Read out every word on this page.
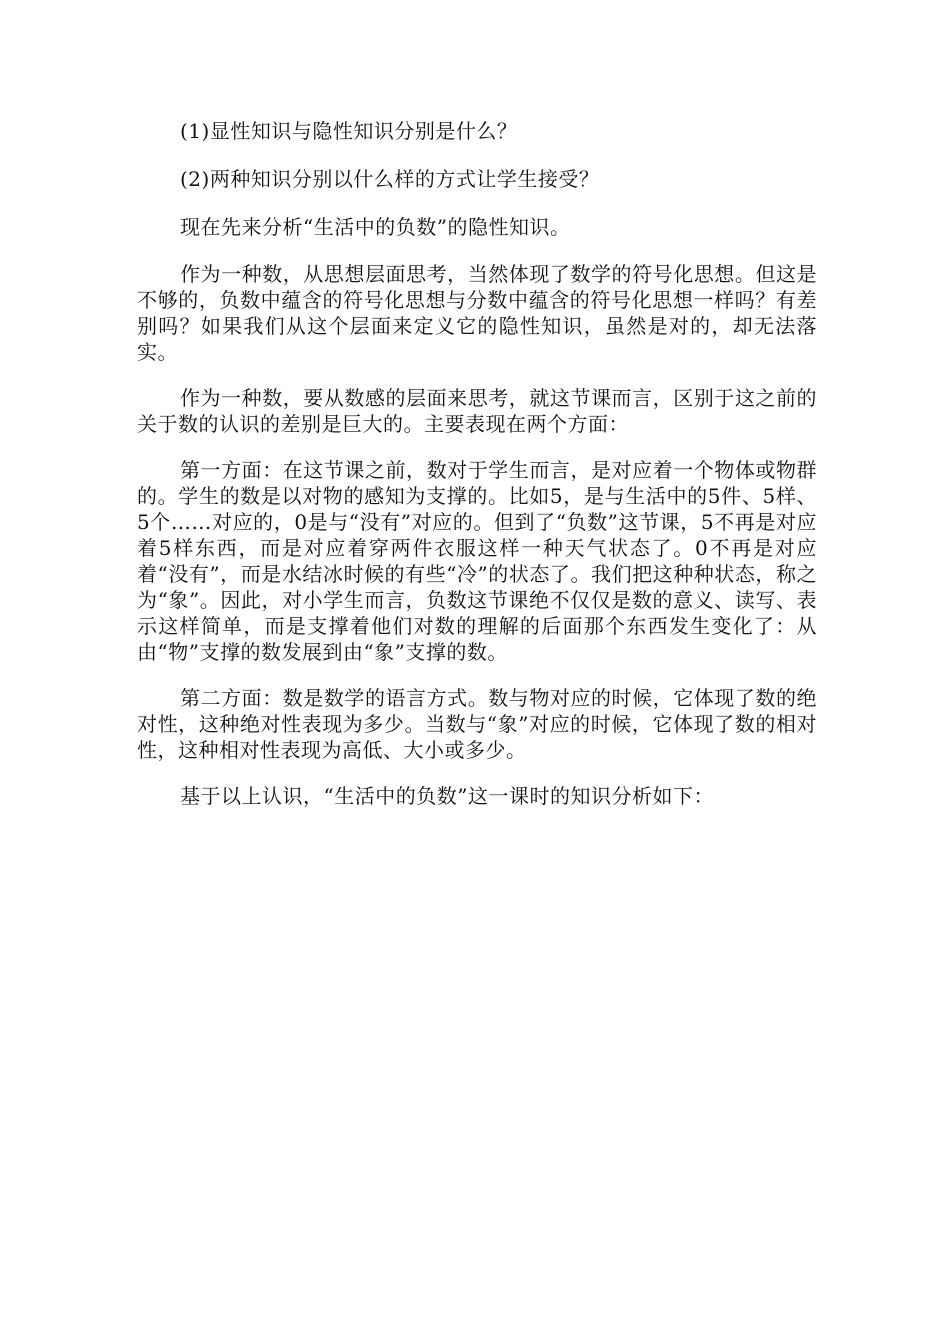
(1)显性知识与隐性知识分别是什么？

(2)两种知识分别以什么样的方式让学生接受？

现在先来分析“生活中的负数”的隐性知识。

作为一种数，从思想层面思考，当然体现了数学的符号化思想。但这是不够的，负数中蕴含的符号化思想与分数中蕴含的符号化思想一样吗？有差别吗？如果我们从这个层面来定义它的隐性知识，虽然是对的，却无法落实。

作为一种数，要从数感的层面来思考，就这节课而言，区别于这之前的关于数的认识的差别是巨大的。主要表现在两个方面：

第一方面：在这节课之前，数对于学生而言，是对应着一个物体或物群的。学生的数是以对物的感知为支撑的。比如5，是与生活中的5件、5样、5个……对应的，0是与“没有”对应的。但到了“负数”这节课，5不再是对应着5样东西，而是对应着穿两件衣服这样一种天气状态了。0不再是对应着“没有”，而是水结冰时候的有些“冷”的状态了。我们把这种种状态，称之为“象”。因此，对小学生而言，负数这节课绝不仅仅是数的意义、读写、表示这样简单，而是支撑着他们对数的理解的后面那个东西发生变化了：从由“物”支撑的数发展到由“象”支撑的数。

第二方面：数是数学的语言方式。数与物对应的时候，它体现了数的绝对性，这种绝对性表现为多少。当数与“象”对应的时候，它体现了数的相对性，这种相对性表现为高低、大小或多少。

基于以上认识，“生活中的负数”这一课时的知识分析如下：
